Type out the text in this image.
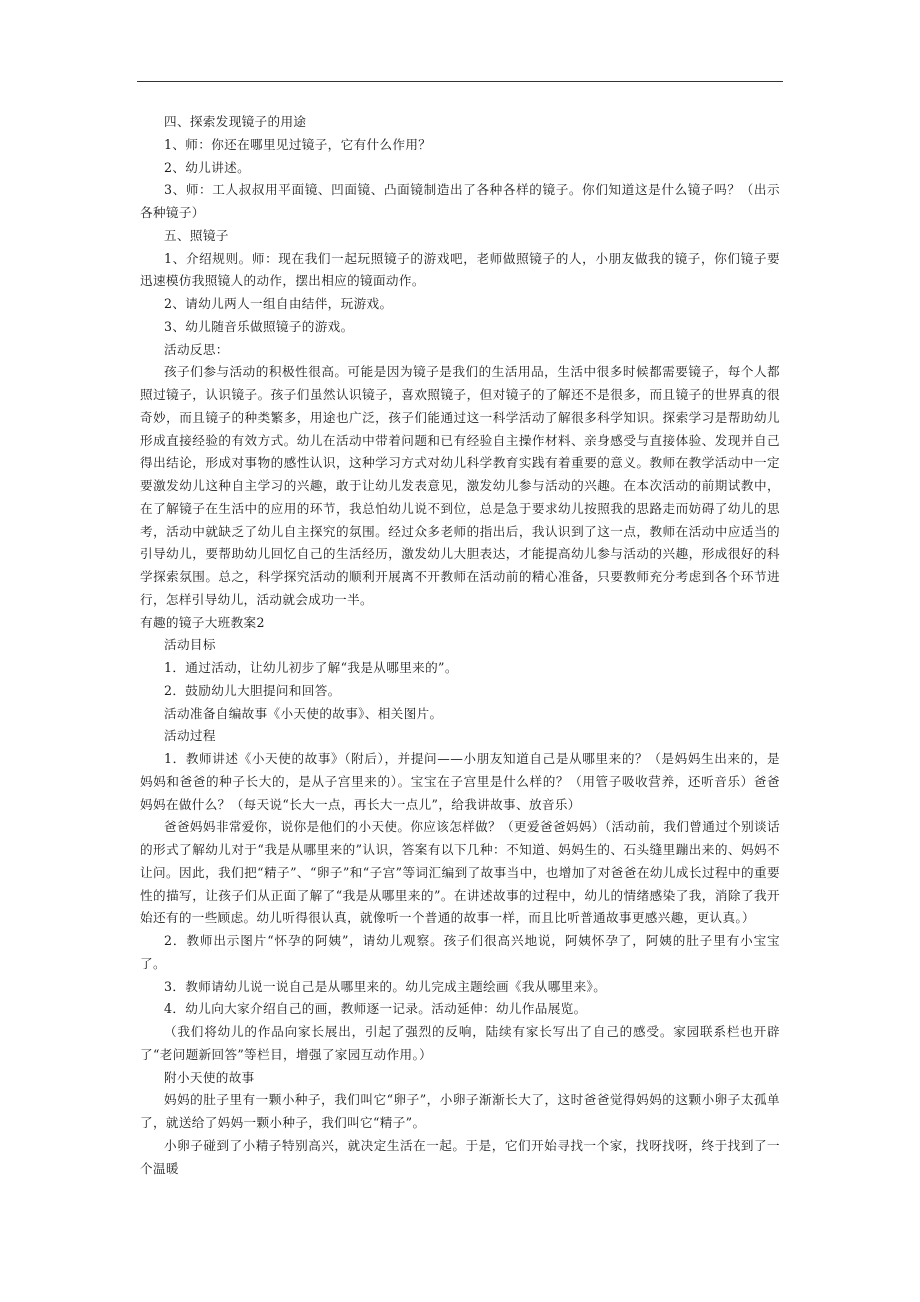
四、探索发现镜子的用途

1、师：你还在哪里见过镜子，它有什么作用？

2、幼儿讲述。

3、师：工人叔叔用平面镜、凹面镜、凸面镜制造出了各种各样的镜子。你们知道这是什么镜子吗？（出示各种镜子）

五、照镜子

1、介绍规则。师：现在我们一起玩照镜子的游戏吧，老师做照镜子的人，小朋友做我的镜子，你们镜子要迅速模仿我照镜人的动作，摆出相应的镜面动作。

2、请幼儿两人一组自由结伴，玩游戏。

3、幼儿随音乐做照镜子的游戏。

活动反思：

孩子们参与活动的积极性很高。可能是因为镜子是我们的生活用品，生活中很多时候都需要镜子，每个人都照过镜子，认识镜子。孩子们虽然认识镜子，喜欢照镜子，但对镜子的了解还不是很多，而且镜子的世界真的很奇妙，而且镜子的种类繁多，用途也广泛，孩子们能通过这一科学活动了解很多科学知识。探索学习是帮助幼儿形成直接经验的有效方式。幼儿在活动中带着问题和已有经验自主操作材料、亲身感受与直接体验、发现并自己得出结论，形成对事物的感性认识，这种学习方式对幼儿科学教育实践有着重要的意义。教师在教学活动中一定要激发幼儿这种自主学习的兴趣，敢于让幼儿发表意见，激发幼儿参与活动的兴趣。在本次活动的前期试教中，在了解镜子在生活中的应用的环节，我总怕幼儿说不到位，总是急于要求幼儿按照我的思路走而妨碍了幼儿的思考，活动中就缺乏了幼儿自主探究的氛围。经过众多老师的指出后，我认识到了这一点，教师在活动中应适当的引导幼儿，要帮助幼儿回忆自己的生活经历，激发幼儿大胆表达，才能提高幼儿参与活动的兴趣，形成很好的科学探索氛围。总之，科学探究活动的顺利开展离不开教师在活动前的精心准备，只要教师充分考虑到各个环节进行，怎样引导幼儿，活动就会成功一半。

有趣的镜子大班教案2

活动目标

1．通过活动，让幼儿初步了解“我是从哪里来的”。

2．鼓励幼儿大胆提问和回答。

活动准备自编故事《小天使的故事》、相关图片。

活动过程

1．教师讲述《小天使的故事》（附后），并提问——小朋友知道自己是从哪里来的？（是妈妈生出来的，是妈妈和爸爸的种子长大的，是从子宫里来的）。宝宝在子宫里是什么样的？（用管子吸收营养，还听音乐）爸爸妈妈在做什么？（每天说“长大一点，再长大一点儿”，给我讲故事、放音乐）

爸爸妈妈非常爱你，说你是他们的小天使。你应该怎样做？（更爱爸爸妈妈）（活动前，我们曾通过个别谈话的形式了解幼儿对于“我是从哪里来的”认识，答案有以下几种：不知道、妈妈生的、石头缝里蹦出来的、妈妈不让问。因此，我们把“精子”、“卵子”和“子宫”等词汇编到了故事当中，也增加了对爸爸在幼儿成长过程中的重要性的描写，让孩子们从正面了解了“我是从哪里来的”。在讲述故事的过程中，幼儿的情绪感染了我，消除了我开始还有的一些顾虑。幼儿听得很认真，就像听一个普通的故事一样，而且比听普通故事更感兴趣，更认真。）

2．教师出示图片“怀孕的阿姨”，请幼儿观察。孩子们很高兴地说，阿姨怀孕了，阿姨的肚子里有小宝宝了。

3．教师请幼儿说一说自己是从哪里来的。幼儿完成主题绘画《我从哪里来》。

4．幼儿向大家介绍自己的画，教师逐一记录。活动延伸：幼儿作品展览。

（我们将幼儿的作品向家长展出，引起了强烈的反响，陆续有家长写出了自己的感受。家园联系栏也开辟了“老问题新回答”等栏目，增强了家园互动作用。）

附小天使的故事

妈妈的肚子里有一颗小种子，我们叫它“卵子”，小卵子渐渐长大了，这时爸爸觉得妈妈的这颗小卵子太孤单了，就送给了妈妈一颗小种子，我们叫它“精子”。

小卵子碰到了小精子特别高兴，就决定生活在一起。于是，它们开始寻找一个家，找呀找呀，终于找到了一个温暖
